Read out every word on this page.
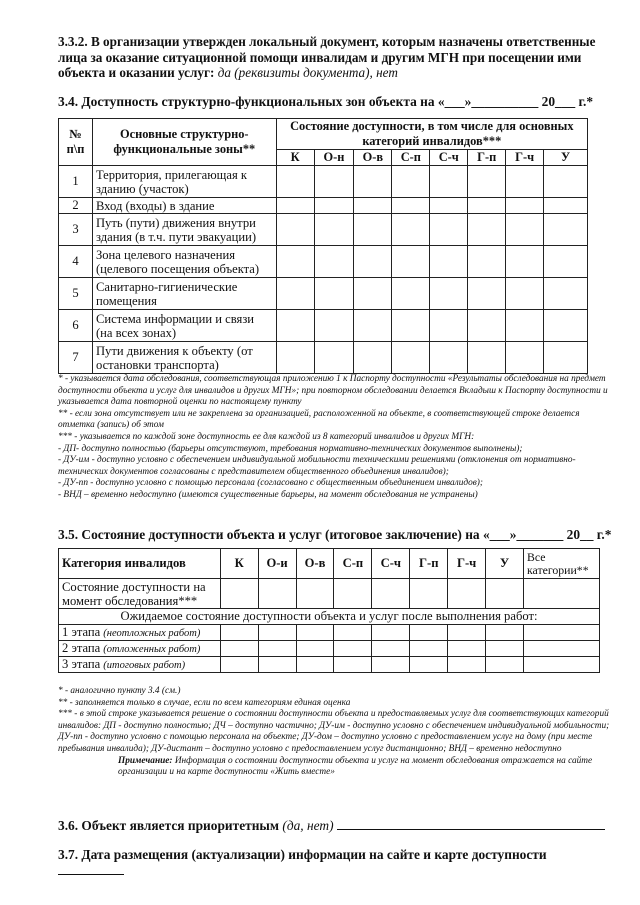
3.3.2. В организации утвержден локальный документ, которым назначены ответственные лица за оказание ситуационной помощи инвалидам и другим МГН при посещении ими объекта и оказании услуг: да (реквизиты документа), нет
3.4. Доступность структурно-функциональных зон объекта на «___»__________ 20___ г.*
№ п\п	Основные структурно-функциональные зоны**	Состояние доступности, в том числе для основных категорий инвалидов***							
		К	О-н	О-в	С-п	С-ч	Г-п	Г-ч	У
1	Территория, прилегающая к зданию (участок)								
2	Вход (входы) в здание								
3	Путь (пути) движения внутри здания (в т.ч. пути эвакуации)								
4	Зона целевого назначения (целевого посещения объекта)								
5	Санитарно-гигиенические помещения								
6	Система информации и связи (на всех зонах)								
7	Пути движения к объекту (от остановки транспорта)								
* - указывается дата обследования, соответствующая приложению 1 к Паспорту доступности «Результаты обследования на предмет доступности объекта и услуг для инвалидов и других МГН»; при повторном обследовании делается Вкладыш к Паспорту доступности и указывается дата повторной оценки по настоящему пункту
** - если зона отсутствует или не закреплена за организацией, расположенной на объекте, в соответствующей строке делается отметка (запись) об этом
*** - указывается по каждой зоне доступность ее для каждой из 8 категорий инвалидов и других МГН:
- ДП- доступно полностью (барьеры отсутствуют, требования нормативно-технических документов выполнены);
- ДУ-им - доступно условно с обеспечением индивидуальной мобильности техническими решениями (отклонения от нормативно-технических документов согласованы с представителем общественного объединения инвалидов);
- ДУ-пп - доступно условно с помощью персонала (согласовано с общественным объединением инвалидов);
- ВНД – временно недоступно (имеются существенные барьеры, на момент обследования не устранены)
3.5. Состояние доступности объекта и услуг (итоговое заключение) на «___»_______ 20__ г.*
Категория инвалидов	К	О-и	О-в	С-п	С-ч	Г-п	Г-ч	У	Все категории**
Состояние доступности на момент обследования***									
Ожидаемое состояние доступности объекта и услуг после выполнения работ:									
1 этапа (неотложных работ)									
2 этапа (отложенных работ)									
3 этапа (итоговых работ)									
* - аналогично пункту 3.4 (см.)
** - заполняется только в случае, если по всем категориям единая оценка
*** - в этой строке указывается решение о состоянии доступности объекта и предоставляемых услуг для соответствующих категорий инвалидов: ДП - доступно полностью; ДЧ – доступно частично; ДУ-им - доступно условно с обеспечением индивидуальной мобильности; ДУ-пп - доступно условно с помощью персонала на объекте; ДУ-дом – доступно условно с предоставлением услуг на дому (при месте пребывания инвалида); ДУ-дистант – доступно условно с предоставлением услуг дистанционно; ВНД – временно недоступно
Примечание: Информация о состоянии доступности объекта и услуг на момент обследования отражается на сайте организации и на карте доступности «Жить вместе»
3.6. Объект является приоритетным (да, нет)
3.7. Дата размещения (актуализации) информации на сайте и карте доступности
